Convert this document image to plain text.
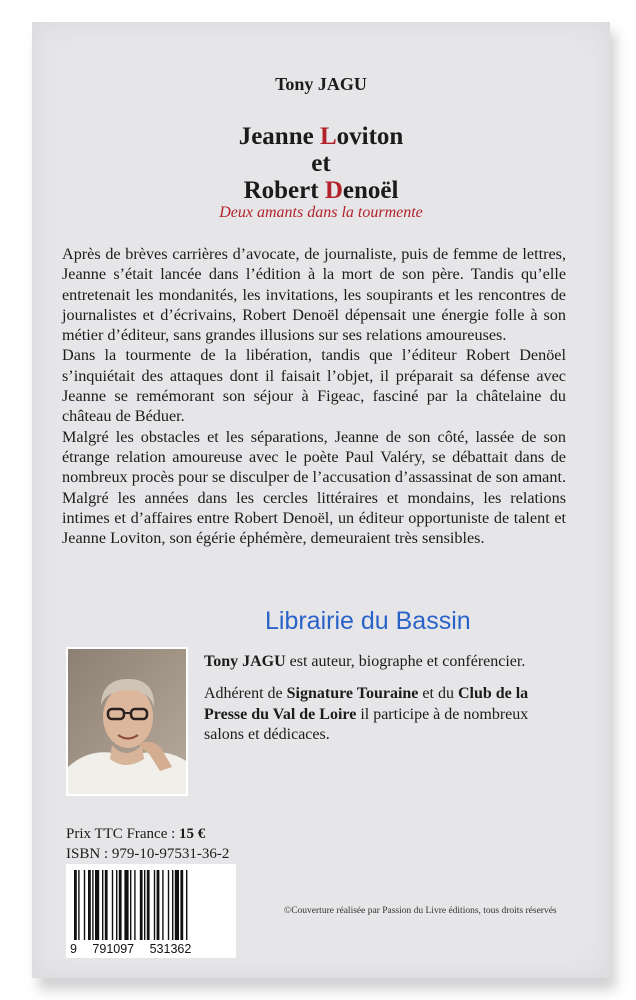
Tony JAGU
Jeanne Loviton
et
Robert Denoël
Deux amants dans la tourmente

Après de brèves carrières d’avocate, de journaliste, puis de femme de lettres, Jeanne s’était lancée dans l’édition à la mort de son père. Tandis qu’elle entretenait les mondanités, les invitations, les soupirants et les rencontres de journalistes et d’écrivains, Robert Denoël dépensait une énergie folle à son métier d’éditeur, sans grandes illusions sur ses relations amoureuses.

Dans la tourmente de la libération, tandis que l’éditeur Robert Denöel s’inquiétait des attaques dont il faisait l’objet, il préparait sa défense avec Jeanne se remémorant son séjour à Figeac, fasciné par la châtelaine du château de Béduer.

Malgré les obstacles et les séparations, Jeanne de son côté, lassée de son étrange relation amoureuse avec le poète Paul Valéry, se débattait dans de nombreux procès pour se disculper de l’accusation d’assassinat de son amant. Malgré les années dans les cercles littéraires et mondains, les relations intimes et d’affaires entre Robert Denoël, un éditeur opportuniste de talent et Jeanne Loviton, son égérie éphémère, demeuraient très sensibles.

Librairie du Bassin
Tony JAGU est auteur, biographe et conférencier.
Adhérent de Signature Touraine et du Club de la Presse du Val de Loire il participe à de nombreux salons et dédicaces.
Prix TTC France : 15 €
ISBN : 979-10-97531-36-2
9 791097 531362
©Couverture réalisée par Passion du Livre éditions, tous droits réservés
